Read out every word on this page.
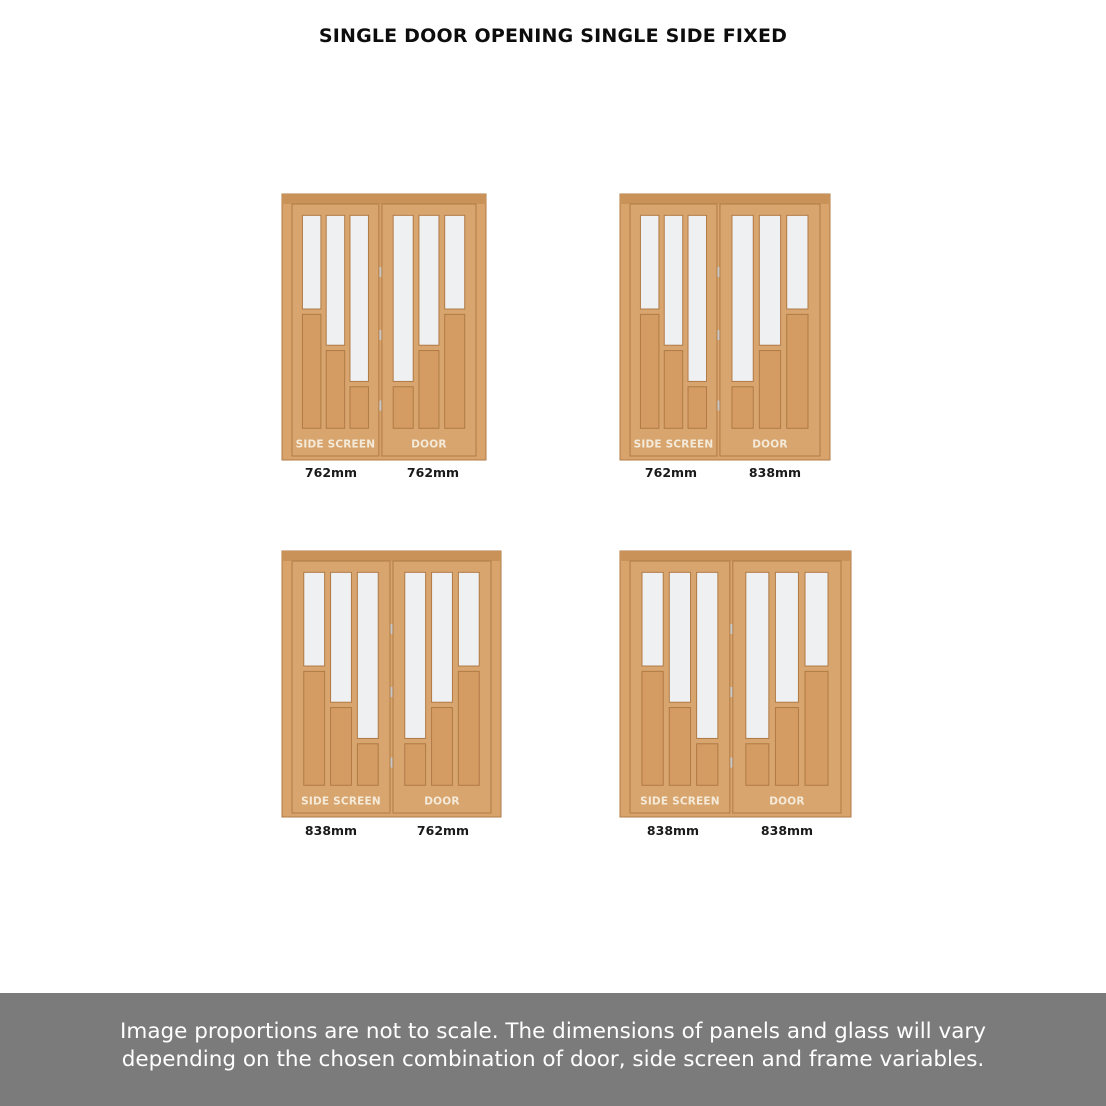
SINGLE DOOR OPENING SINGLE SIDE FIXED
SIDE SCREEN	DOOR
762mm	762mm
SIDE SCREEN	DOOR
762mm	838mm
SIDE SCREEN	DOOR
838mm	762mm
SIDE SCREEN	DOOR
838mm	838mm

Image proportions are not to scale. The dimensions of panels and glass will vary

depending on the chosen combination of door, side screen and frame variables.
